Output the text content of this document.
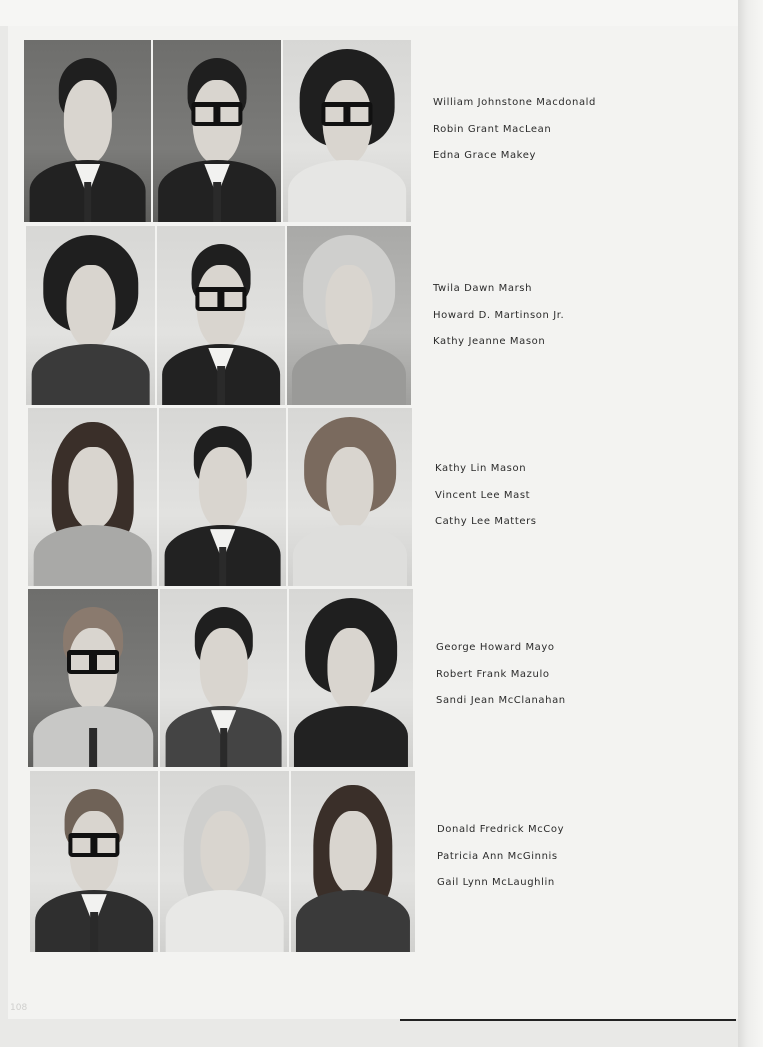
William Johnstone Macdonald
Robin Grant MacLean
Edna Grace Makey
Twila Dawn Marsh
Howard D. Martinson Jr.
Kathy Jeanne Mason
Kathy Lin Mason
Vincent Lee Mast
Cathy Lee Matters
George Howard Mayo
Robert Frank Mazulo
Sandi Jean McClanahan
Donald Fredrick McCoy
Patricia Ann McGinnis
Gail Lynn McLaughlin
108
